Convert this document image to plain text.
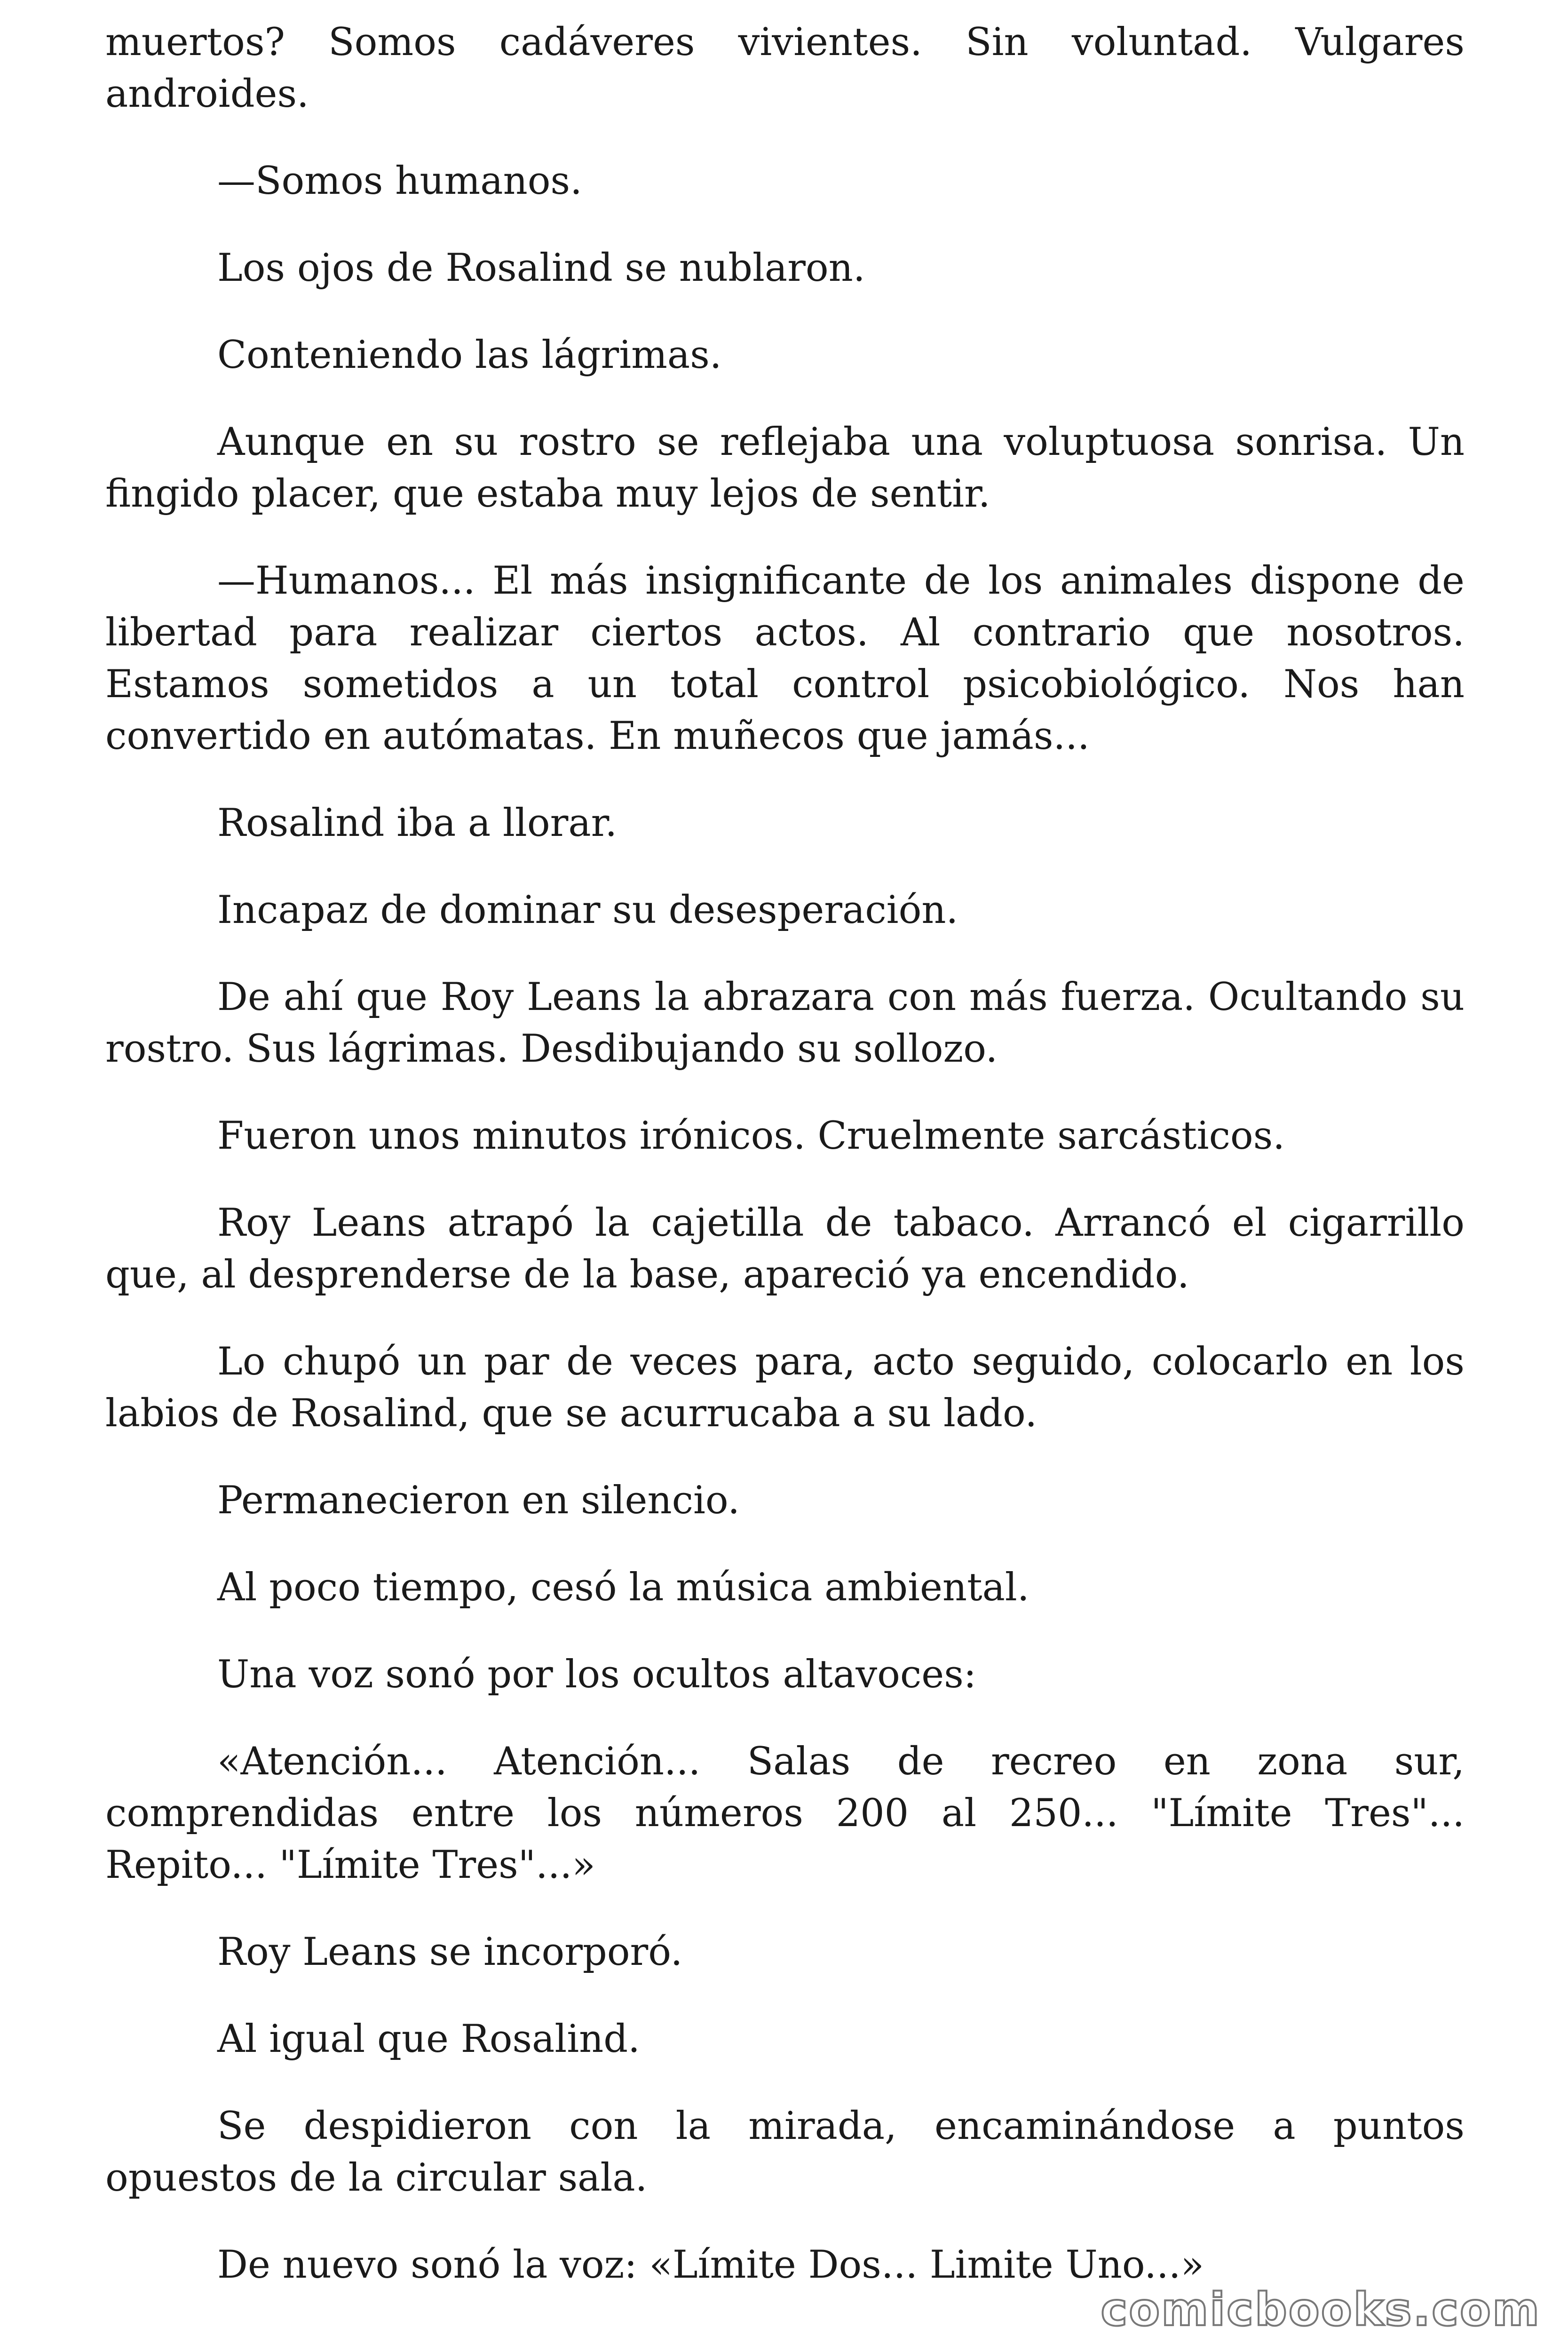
muertos? Somos cadáveres vivientes. Sin voluntad. Vulgares androides.

—Somos humanos.

Los ojos de Rosalind se nublaron.

Conteniendo las lágrimas.

Aunque en su rostro se reflejaba una voluptuosa sonrisa. Un fingido placer, que estaba muy lejos de sentir.

—Humanos... El más insignificante de los animales dispone de libertad para realizar ciertos actos. Al contrario que nosotros. Estamos sometidos a un total control psicobiológico. Nos han convertido en autómatas. En muñecos que jamás...

Rosalind iba a llorar.

Incapaz de dominar su desesperación.

De ahí que Roy Leans la abrazara con más fuerza. Ocultando su rostro. Sus lágrimas. Desdibujando su sollozo.

Fueron unos minutos irónicos. Cruelmente sarcásticos.

Roy Leans atrapó la cajetilla de tabaco. Arrancó el cigarrillo que, al desprenderse de la base, apareció ya encendido.

Lo chupó un par de veces para, acto seguido, colocarlo en los labios de Rosalind, que se acurrucaba a su lado.

Permanecieron en silencio.

Al poco tiempo, cesó la música ambiental.

Una voz sonó por los ocultos altavoces:

«Atención... Atención... Salas de recreo en zona sur, comprendidas entre los números 200 al 250... "Límite Tres"... Repito... "Límite Tres"...»

Roy Leans se incorporó.

Al igual que Rosalind.

Se despidieron con la mirada, encaminándose a puntos opuestos de la circular sala.

De nuevo sonó la voz: «Límite Dos... Limite Uno...»

comicbooks.com
